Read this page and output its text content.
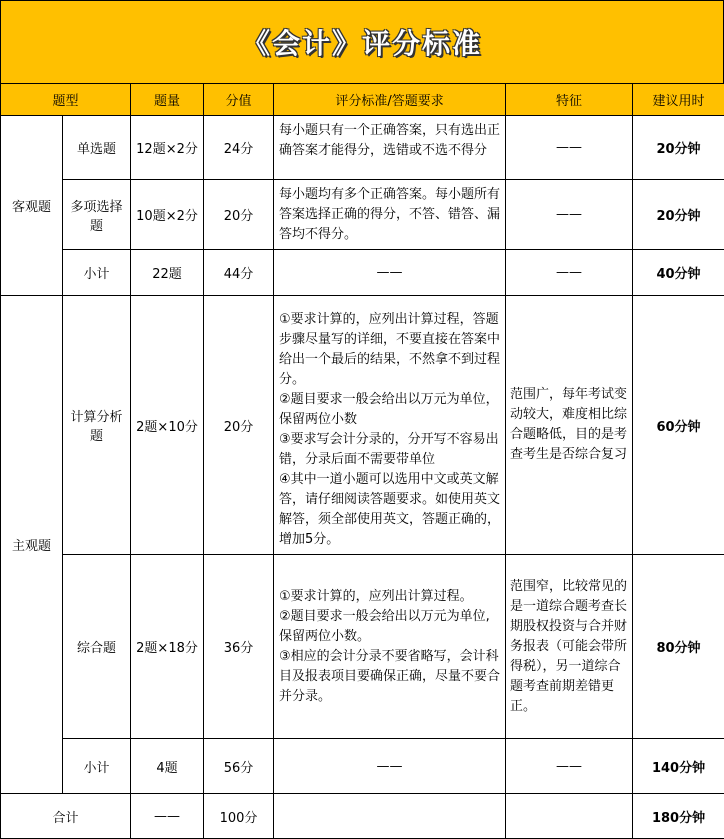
《会计》评分标准
题型		题量	分值	评分标准/答题要求	特征	建议用时
客观题	单选题	12题×2分	24分	每小题只有一个正确答案，只有选出正确答案才能得分，选错或不选不得分	——	20分钟
	多项选择题	10题×2分	20分	每小题均有多个正确答案。每小题所有答案选择正确的得分，不答、错答、漏答均不得分。	——	20分钟
	小计	22题	44分	——	——	40分钟
主观题	计算分析题	2题×10分	20分	①要求计算的，应列出计算过程，答题步骤尽量写的详细，不要直接在答案中给出一个最后的结果，不然拿不到过程分。
②题目要求一般会给出以万元为单位，保留两位小数
③要求写会计分录的，分开写不容易出错，分录后面不需要带单位
④其中一道小题可以选用中文或英文解答，请仔细阅读答题要求。如使用英文解答，须全部使用英文，答题正确的，增加5分。	范围广，每年考试变动较大，难度相比综合题略低，目的是考查考生是否综合复习	60分钟
	综合题	2题×18分	36分	①要求计算的，应列出计算过程。
②题目要求一般会给出以万元为单位,保留两位小数。
③相应的会计分录不要省略写，会计科目及报表项目要确保正确，尽量不要合并分录。	范围窄，比较常见的是一道综合题考查长期股权投资与合并财务报表（可能会带所得税），另一道综合题考查前期差错更正。	80分钟
	小计	4题	56分	——	——	140分钟
合计		——	100分			180分钟
